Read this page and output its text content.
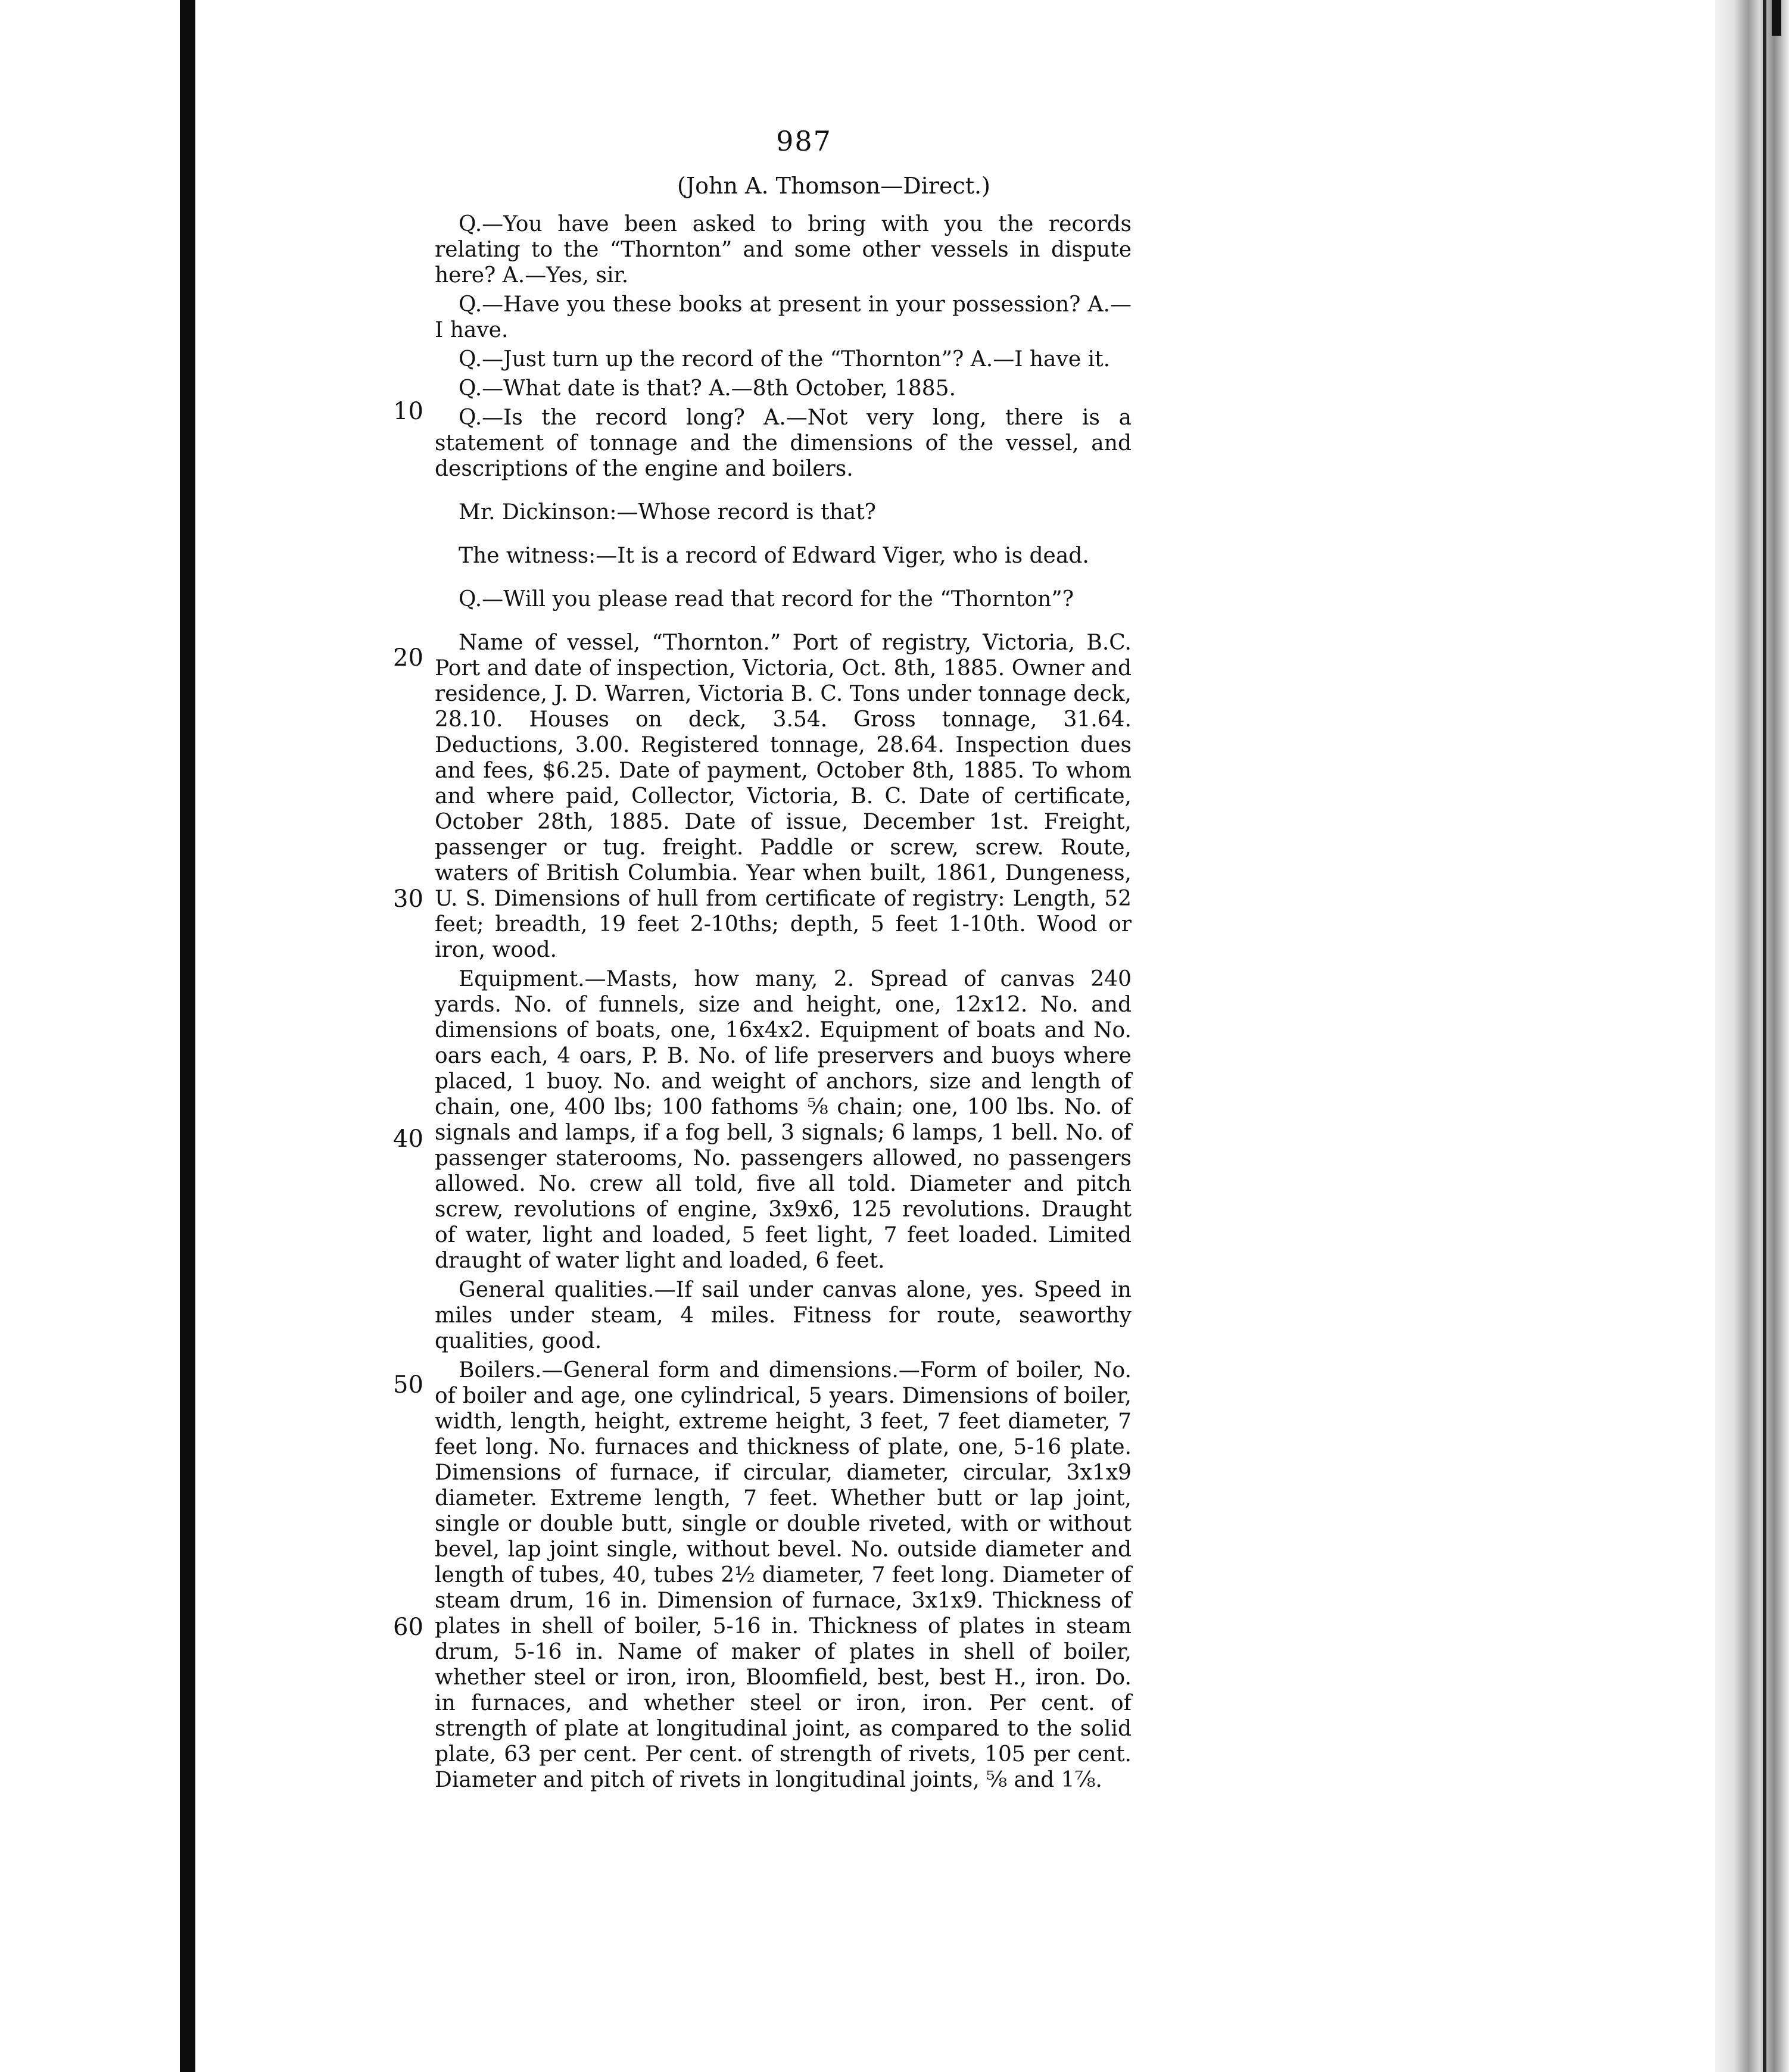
987
(John A. Thomson—Direct.)
10
20
30
40
50
60

Q.—You have been asked to bring with you the records relating to the “Thornton” and some other vessels in dispute here? A.—Yes, sir.

Q.—Have you these books at present in your possession? A.—I have.

Q.—Just turn up the record of the “Thornton”? A.—I have it.

Q.—What date is that? A.—8th October, 1885.

Q.—Is the record long? A.—Not very long, there is a statement of tonnage and the dimensions of the vessel, and descriptions of the engine and boilers.

Mr. Dickinson:—Whose record is that?

The witness:—It is a record of Edward Viger, who is dead.

Q.—Will you please read that record for the “Thornton”?

Name of vessel, “Thornton.” Port of registry, Victoria, B.C. Port and date of inspection, Victoria, Oct. 8th, 1885. Owner and residence, J. D. Warren, Victoria B. C. Tons under tonnage deck, 28.10. Houses on deck, 3.54. Gross tonnage, 31.64. Deductions, 3.00. Registered tonnage, 28.64. Inspection dues and fees, $6.25. Date of payment, October 8th, 1885. To whom and where paid, Collector, Victoria, B. C. Date of certificate, October 28th, 1885. Date of issue, December 1st. Freight, passenger or tug. freight. Paddle or screw, screw. Route, waters of British Columbia. Year when built, 1861, Dungeness, U. S. Dimensions of hull from certificate of registry: Length, 52 feet; breadth, 19 feet 2-10ths; depth, 5 feet 1-10th. Wood or iron, wood.

Equipment.—Masts, how many, 2. Spread of canvas 240 yards. No. of funnels, size and height, one, 12x12. No. and dimensions of boats, one, 16x4x2. Equipment of boats and No. oars each, 4 oars, P. B. No. of life preservers and buoys where placed, 1 buoy. No. and weight of anchors, size and length of chain, one, 400 lbs; 100 fathoms ⅝ chain; one, 100 lbs. No. of signals and lamps, if a fog bell, 3 signals; 6 lamps, 1 bell. No. of passenger staterooms, No. passengers allowed, no passengers allowed. No. crew all told, five all told. Diameter and pitch screw, revolutions of engine, 3x9x6, 125 revolutions. Draught of water, light and loaded, 5 feet light, 7 feet loaded. Limited draught of water light and loaded, 6 feet.

General qualities.—If sail under canvas alone, yes. Speed in miles under steam, 4 miles. Fitness for route, seaworthy qualities, good.

Boilers.—General form and dimensions.—Form of boiler, No. of boiler and age, one cylindrical, 5 years. Dimensions of boiler, width, length, height, extreme height, 3 feet, 7 feet diameter, 7 feet long. No. furnaces and thickness of plate, one, 5-16 plate. Dimensions of furnace, if circular, diameter, circular, 3x1x9 diameter. Extreme length, 7 feet. Whether butt or lap joint, single or double butt, single or double riveted, with or without bevel, lap joint single, without bevel. No. outside diameter and length of tubes, 40, tubes 2½ diameter, 7 feet long. Diameter of steam drum, 16 in. Dimension of furnace, 3x1x9. Thickness of plates in shell of boiler, 5-16 in. Thickness of plates in steam drum, 5-16 in. Name of maker of plates in shell of boiler, whether steel or iron, iron, Bloomfield, best, best H., iron. Do. in furnaces, and whether steel or iron, iron. Per cent. of strength of plate at longitudinal joint, as compared to the solid plate, 63 per cent. Per cent. of strength of rivets, 105 per cent. Diameter and pitch of rivets in longitudinal joints, ⅝ and 1⅞.
